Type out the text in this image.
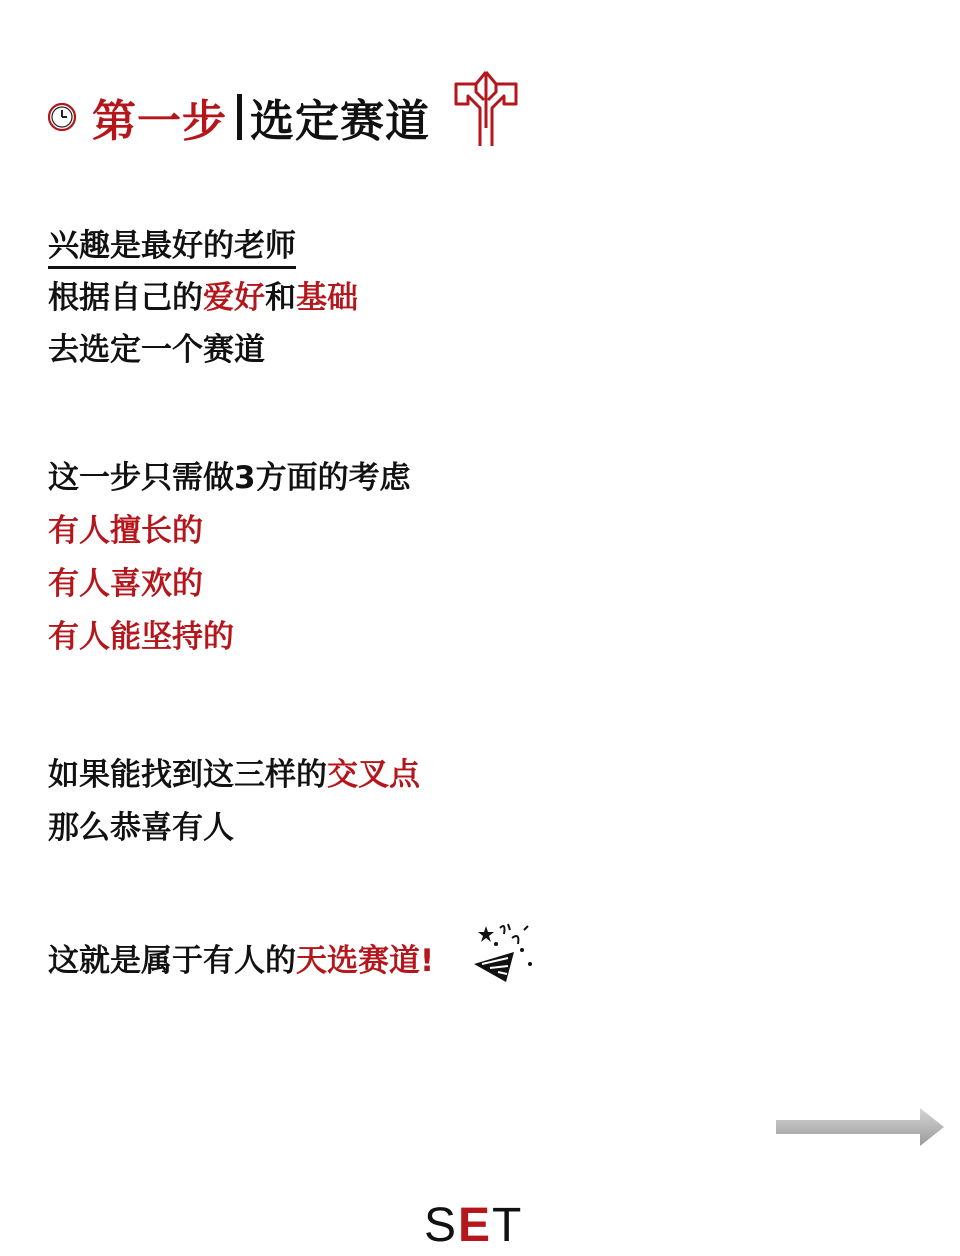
第一步 选定赛道
兴趣是最好的老师
根据自己的爱好和基础
去选定一个赛道
这一步只需做3方面的考虑
有人擅长的
有人喜欢的
有人能坚持的
如果能找到这三样的交叉点
那么恭喜有人
这就是属于有人的天选赛道!
SET
